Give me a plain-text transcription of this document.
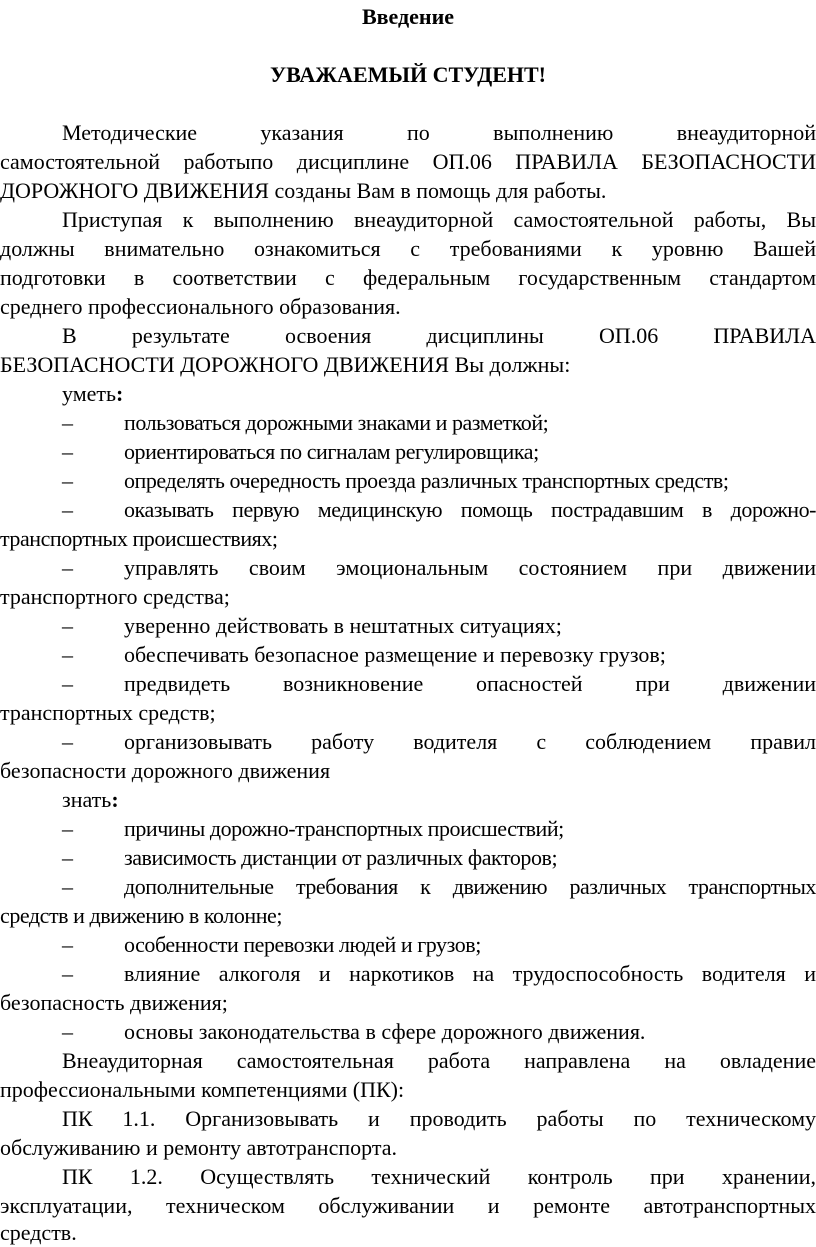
Введение
УВАЖАЕМЫЙ СТУДЕНТ!
Методические указания по выполнению внеаудиторной
самостоятельной работыпо дисциплине ОП.06 ПРАВИЛА БЕЗОПАСНОСТИ
ДОРОЖНОГО ДВИЖЕНИЯ созданы Вам в помощь для работы.
Приступая к выполнению внеаудиторной самостоятельной работы, Вы
должны внимательно ознакомиться с требованиями к уровню Вашей
подготовки в соответствии с федеральным государственным стандартом
среднего профессионального образования.
В результате освоения дисциплины ОП.06 ПРАВИЛА
БЕЗОПАСНОСТИ ДОРОЖНОГО ДВИЖЕНИЯ Вы должны:
уметь:
– пользоваться дорожными знаками и разметкой;
– ориентироваться по сигналам регулировщика;
– определять очередность проезда различных транспортных средств;
– оказывать первую медицинскую помощь пострадавшим в дорожно-
транспортных происшествиях;
– управлять своим эмоциональным состоянием при движении
транспортного средства;
– уверенно действовать в нештатных ситуациях;
– обеспечивать безопасное размещение и перевозку грузов;
– предвидеть возникновение опасностей при движении
транспортных средств;
– организовывать работу водителя с соблюдением правил
безопасности дорожного движения
знать:
– причины дорожно-транспортных происшествий;
– зависимость дистанции от различных факторов;
– дополнительные требования к движению различных транспортных
средств и движению в колонне;
– особенности перевозки людей и грузов;
– влияние алкоголя и наркотиков на трудоспособность водителя и
безопасность движения;
– основы законодательства в сфере дорожного движения.
Внеаудиторная самостоятельная работа направлена на овладение
профессиональными компетенциями (ПК):
ПК 1.1. Организовывать и проводить работы по техническому
обслуживанию и ремонту автотранспорта.
ПК 1.2. Осуществлять технический контроль при хранении,
эксплуатации, техническом обслуживании и ремонте автотранспортных
средств.
